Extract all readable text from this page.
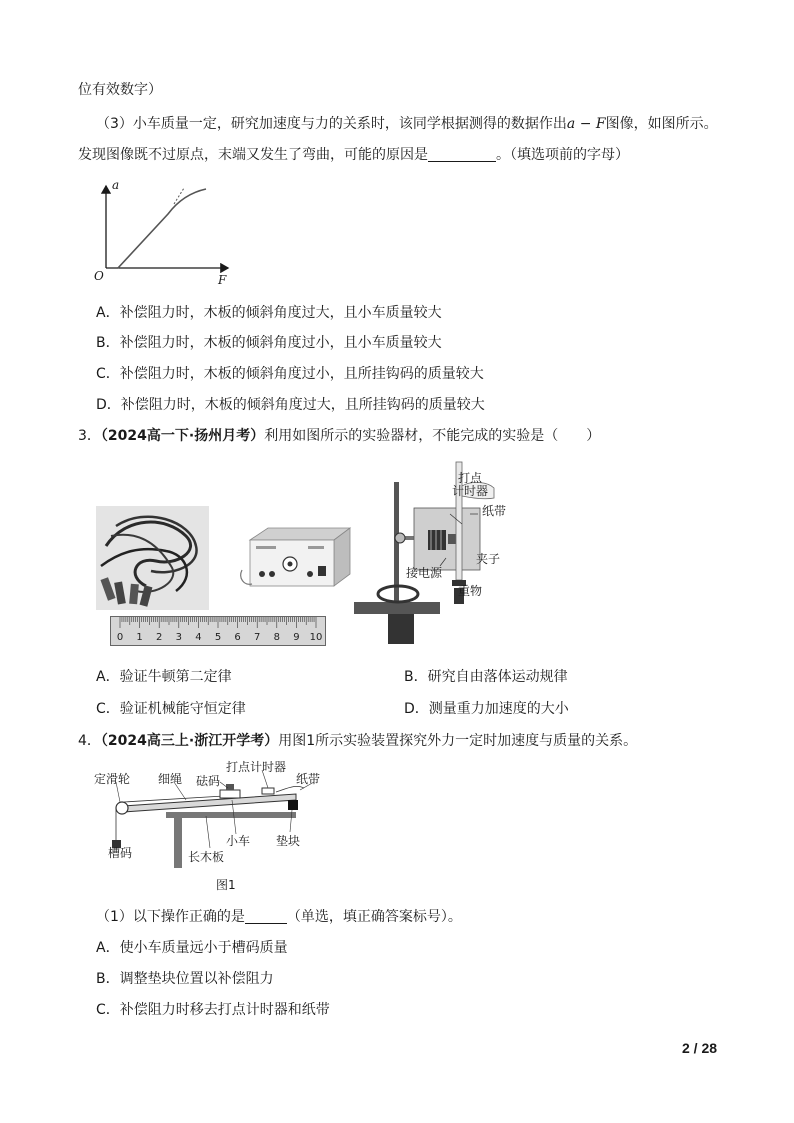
位有效数字）
（3）小车质量一定，研究加速度与力的关系时，该同学根据测得的数据作出a − F图像，如图所示。
发现图像既不过原点，末端又发生了弯曲，可能的原因是	。（填选项前的字母）
a
O	F
A．补偿阻力时，木板的倾斜角度过大，且小车质量较大
B．补偿阻力时，木板的倾斜角度过小，且小车质量较大
C．补偿阻力时，木板的倾斜角度过小，且所挂钩码的质量较大
D．补偿阻力时，木板的倾斜角度过大，且所挂钩码的质量较大
3．（2024高一下·扬州月考）利用如图所示的实验器材，不能完成的实验是（　　）
0 1 2 3 4 5 6 7 8 9 10
打点
计时器
纸带
接电源
夹子
重物
A．验证牛顿第二定律	B．研究自由落体运动规律
C．验证机械能守恒定律	D．测量重力加速度的大小
4．（2024高三上·浙江开学考）用图1所示实验装置探究外力一定时加速度与质量的关系。
定滑轮 细绳 砝码
打点计时器
纸带
小车 垫块
长木板
槽码
图1
（1）以下操作正确的是	（单选，填正确答案标号）。
A．使小车质量远小于槽码质量
B．调整垫块位置以补偿阻力
C．补偿阻力时移去打点计时器和纸带
2 / 28
